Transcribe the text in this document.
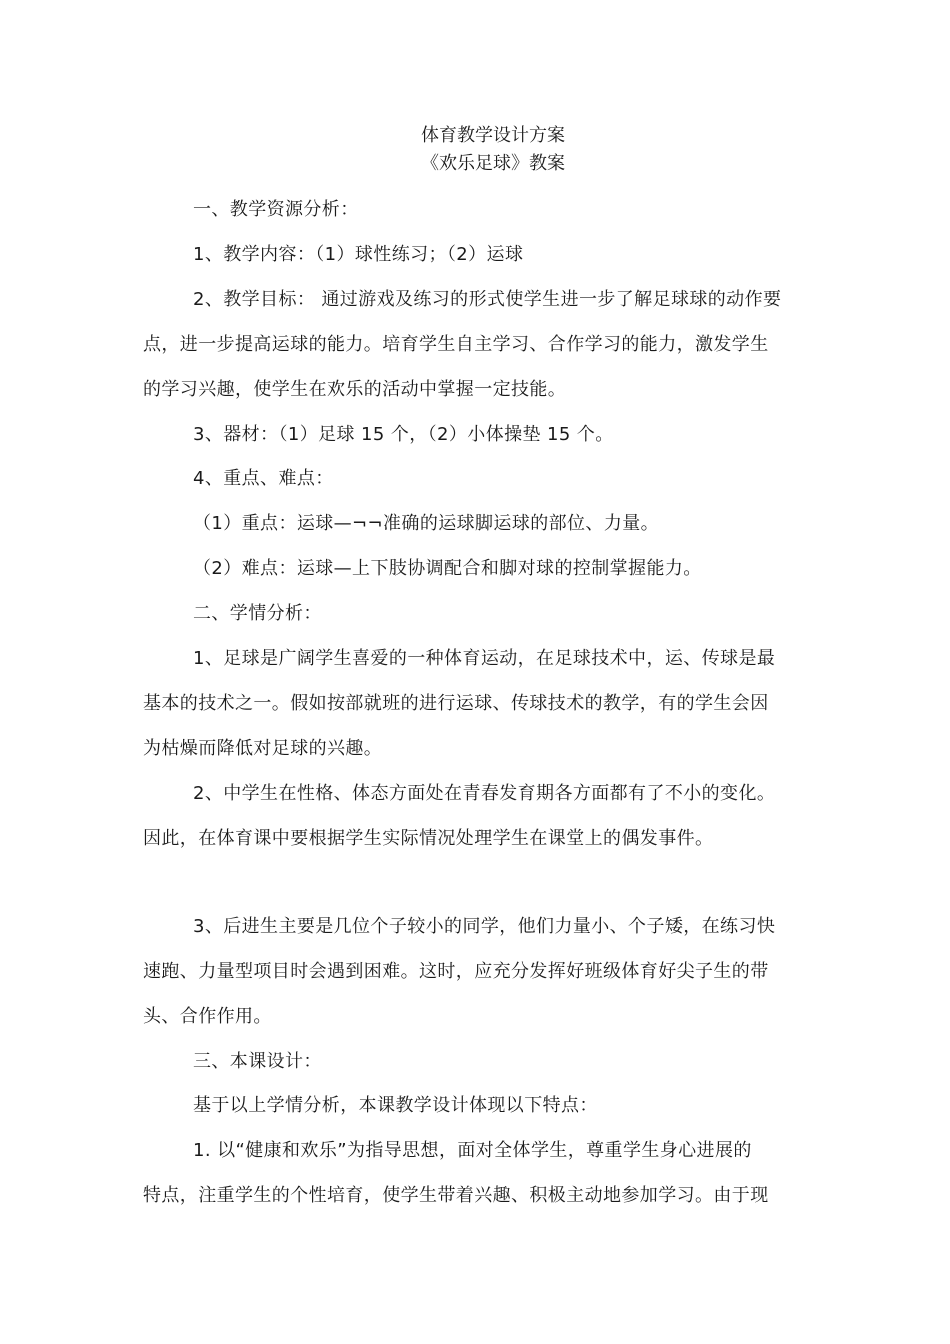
体育教学设计方案
《欢乐足球》教案
一、教学资源分析：
1、教学内容：（1）球性练习；（2）运球
2、教学目标： 通过游戏及练习的形式使学生进一步了解足球球的动作要
点，进一步提高运球的能力。培育学生自主学习、合作学习的能力，激发学生
的学习兴趣，使学生在欢乐的活动中掌握一定技能。
3、器材：（1）足球 15 个，（2）小体操垫 15 个。
4、重点、难点：
（1）重点：运球—¬¬准确的运球脚运球的部位、力量。
（2）难点：运球—上下肢协调配合和脚对球的控制掌握能力。
二、学情分析：
1、足球是广阔学生喜爱的一种体育运动，在足球技术中，运、传球是最
基本的技术之一。假如按部就班的进行运球、传球技术的教学，有的学生会因
为枯燥而降低对足球的兴趣。
2、中学生在性格、体态方面处在青春发育期各方面都有了不小的变化。
因此，在体育课中要根据学生实际情况处理学生在课堂上的偶发事件。
3、后进生主要是几位个子较小的同学，他们力量小、个子矮，在练习快
速跑、力量型项目时会遇到困难。这时，应充分发挥好班级体育好尖子生的带
头、合作作用。
三、本课设计：
基于以上学情分析，本课教学设计体现以下特点：
1. 以“健康和欢乐”为指导思想，面对全体学生，尊重学生身心进展的
特点，注重学生的个性培育，使学生带着兴趣、积极主动地参加学习。由于现
